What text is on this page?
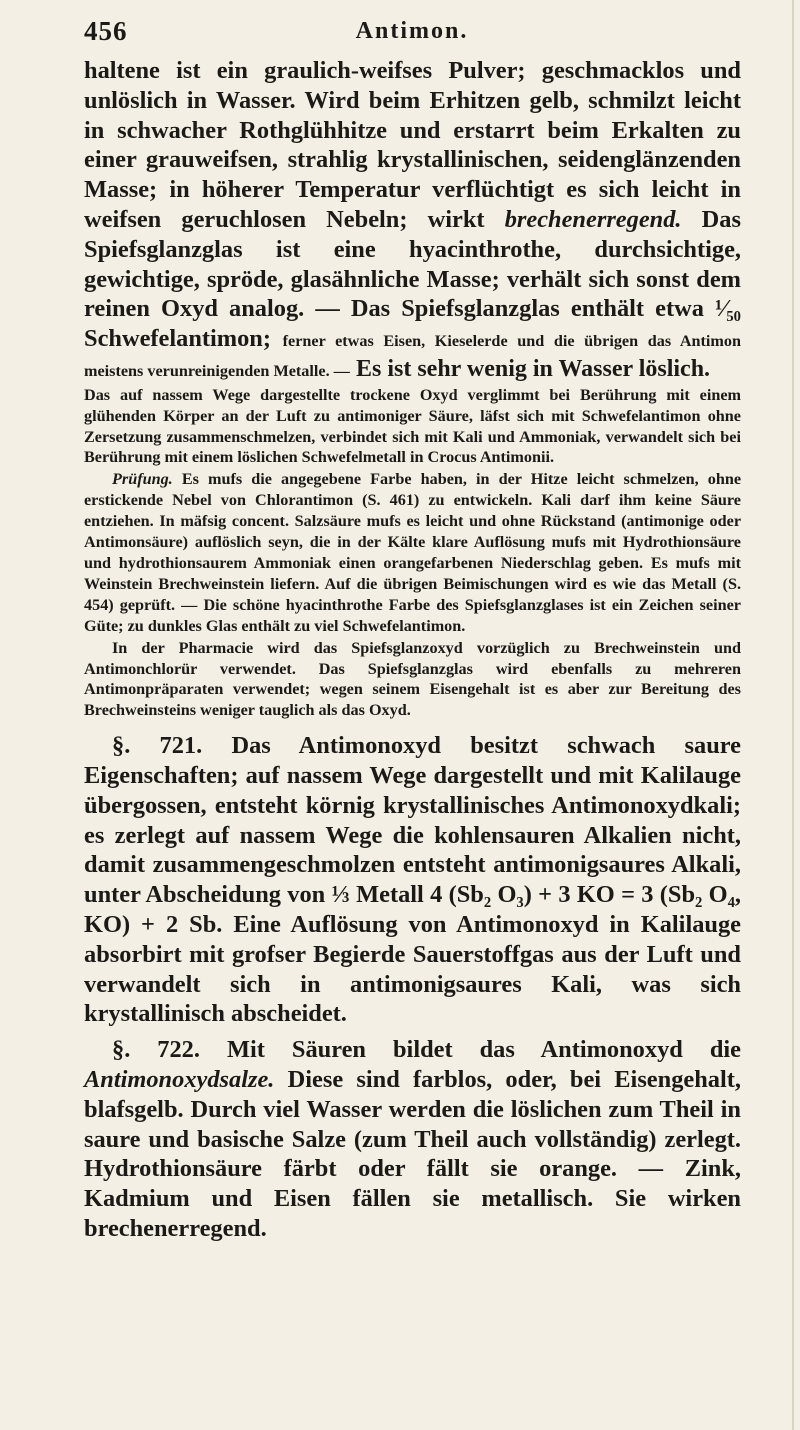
456	Antimon.

haltene ist ein graulich-weifses Pulver; geschmacklos und unlöslich in Wasser. Wird beim Erhitzen gelb, schmilzt leicht in schwacher Rothglühhitze und erstarrt beim Erkalten zu einer grauweifsen, strahlig krystallinischen, seidenglänzenden Masse; in höherer Temperatur verflüchtigt es sich leicht in weifsen geruchlosen Nebeln; wirkt brechenerregend. Das Spiefsglanzglas ist eine hyacinthrothe, durchsichtige, gewichtige, spröde, glasähnliche Masse; verhält sich sonst dem reinen Oxyd analog. — Das Spiefsglanzglas enthält etwa ¹⁄₅₀ Schwefelantimon; ferner etwas Eisen, Kieselerde und die übrigen das Antimon meistens verunreinigenden Metalle. — Es ist sehr wenig in Wasser löslich.

Das auf nassem Wege dargestellte trockene Oxyd verglimmt bei Berührung mit einem glühenden Körper an der Luft zu antimoniger Säure, läfst sich mit Schwefelantimon ohne Zersetzung zusammenschmelzen, verbindet sich mit Kali und Ammoniak, verwandelt sich bei Berührung mit einem löslichen Schwefelmetall in Crocus Antimonii.

Prüfung. Es mufs die angegebene Farbe haben, in der Hitze leicht schmelzen, ohne erstickende Nebel von Chlorantimon (S. 461) zu entwickeln. Kali darf ihm keine Säure entziehen. In mäfsig concent. Salzsäure mufs es leicht und ohne Rückstand (antimonige oder Antimonsäure) auflöslich seyn, die in der Kälte klare Auflösung mufs mit Hydrothionsäure und hydrothionsaurem Ammoniak einen orangefarbenen Niederschlag geben. Es mufs mit Weinstein Brechweinstein liefern. Auf die übrigen Beimischungen wird es wie das Metall (S. 454) geprüft. — Die schöne hyacinthrothe Farbe des Spiefsglanzglases ist ein Zeichen seiner Güte; zu dunkles Glas enthält zu viel Schwefelantimon.

In der Pharmacie wird das Spiefsglanzoxyd vorzüglich zu Brechweinstein und Antimonchlorür verwendet. Das Spiefsglanzglas wird ebenfalls zu mehreren Antimonpräparaten verwendet; wegen seinem Eisengehalt ist es aber zur Bereitung des Brechweinsteins weniger tauglich als das Oxyd.

§. 721. Das Antimonoxyd besitzt schwach saure Eigenschaften; auf nassem Wege dargestellt und mit Kalilauge übergossen, entsteht körnig krystallinisches Antimonoxydkali; es zerlegt auf nassem Wege die kohlensauren Alkalien nicht, damit zusammengeschmolzen entsteht antimonigsaures Alkali, unter Abscheidung von ⅓ Metall 4 (Sb₂ O₃) + 3 KO = 3 (Sb₂ O₄, KO) + 2 Sb. Eine Auflösung von Antimonoxyd in Kalilauge absorbirt mit grofser Begierde Sauerstoffgas aus der Luft und verwandelt sich in antimonigsaures Kali, was sich krystallinisch abscheidet.

§. 722. Mit Säuren bildet das Antimonoxyd die Antimonoxydsalze. Diese sind farblos, oder, bei Eisengehalt, blafsgelb. Durch viel Wasser werden die löslichen zum Theil in saure und basische Salze (zum Theil auch vollständig) zerlegt. Hydrothionsäure färbt oder fällt sie orange. — Zink, Kadmium und Eisen fällen sie metallisch. Sie wirken brechenerregend.
